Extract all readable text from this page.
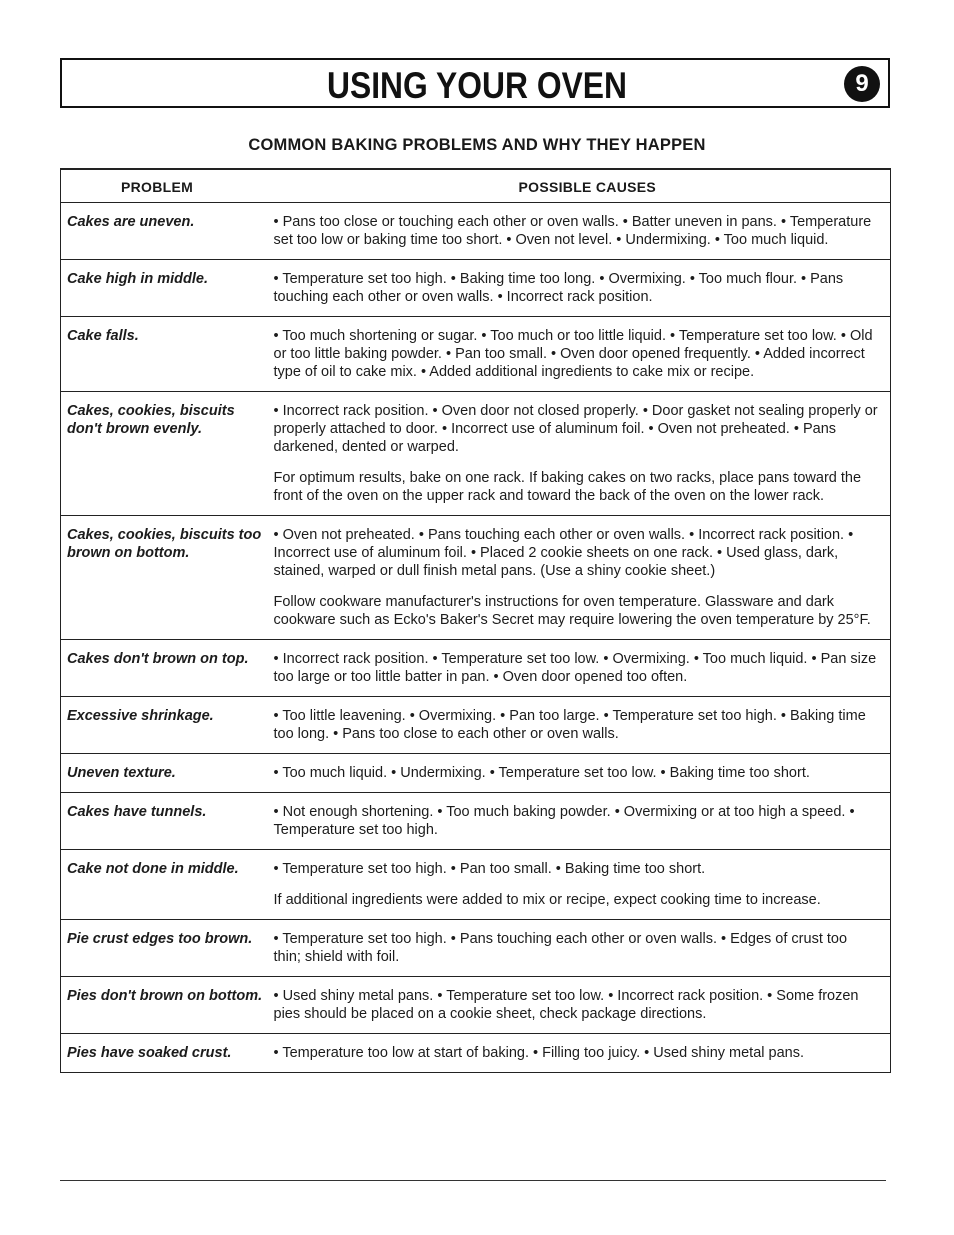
USING YOUR OVEN	9
COMMON BAKING PROBLEMS AND WHY THEY HAPPEN
PROBLEM	POSSIBLE CAUSES
Cakes are uneven.	• Pans too close or touching each other or oven walls. • Batter uneven in pans. • Temperature set too low or baking time too short. • Oven not level. • Undermixing. • Too much liquid.

Cake high in middle.	• Temperature set too high. • Baking time too long. • Overmixing. • Too much flour. • Pans touching each other or oven walls. • Incorrect rack position.

Cake falls.	• Too much shortening or sugar. • Too much or too little liquid. • Temperature set too low. • Old or too little baking powder. • Pan too small. • Oven door opened frequently. • Added incorrect type of oil to cake mix. • Added additional ingredients to cake mix or recipe.

Cakes, cookies, biscuits don't brown evenly.	• Incorrect rack position. • Oven door not closed properly. • Door gasket not sealing properly or properly attached to door. • Incorrect use of aluminum foil. • Oven not preheated. • Pans darkened, dented or warped.

For optimum results, bake on one rack. If baking cakes on two racks, place pans toward the front of the oven on the upper rack and toward the back of the oven on the lower rack.

Cakes, cookies, biscuits too brown on bottom.	• Oven not preheated. • Pans touching each other or oven walls. • Incorrect rack position. • Incorrect use of aluminum foil. • Placed 2 cookie sheets on one rack. • Used glass, dark, stained, warped or dull finish metal pans. (Use a shiny cookie sheet.)

Follow cookware manufacturer's instructions for oven temperature. Glassware and dark cookware such as Ecko's Baker's Secret may require lowering the oven temperature by 25°F.

Cakes don't brown on top.	• Incorrect rack position. • Temperature set too low. • Overmixing. • Too much liquid. • Pan size too large or too little batter in pan. • Oven door opened too often.

Excessive shrinkage.	• Too little leavening. • Overmixing. • Pan too large. • Temperature set too high. • Baking time too long. • Pans too close to each other or oven walls.

Uneven texture.	• Too much liquid. • Undermixing. • Temperature set too low. • Baking time too short.

Cakes have tunnels.	• Not enough shortening. • Too much baking powder. • Overmixing or at too high a speed. • Temperature set too high.

Cake not done in middle.	• Temperature set too high. • Pan too small. • Baking time too short.

If additional ingredients were added to mix or recipe, expect cooking time to increase.

Pie crust edges too brown.	• Temperature set too high. • Pans touching each other or oven walls. • Edges of crust too thin; shield with foil.

Pies don't brown on bottom.	• Used shiny metal pans. • Temperature set too low. • Incorrect rack position. • Some frozen pies should be placed on a cookie sheet, check package directions.

Pies have soaked crust.	• Temperature too low at start of baking. • Filling too juicy. • Used shiny metal pans.
